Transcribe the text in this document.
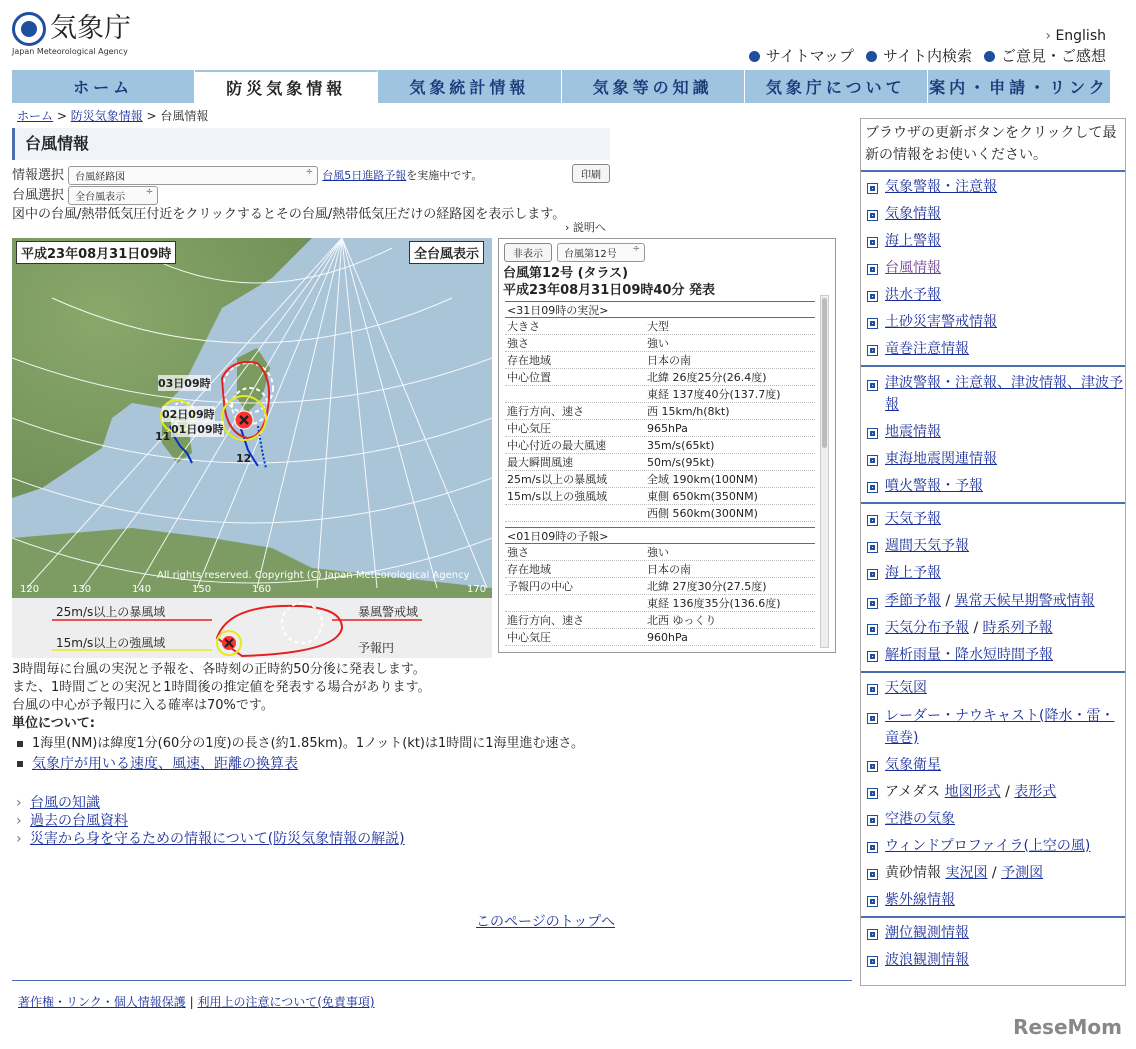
気象庁
Japan Meteorological Agency
› English
サイトマップ	サイト内検索	ご意見・ご感想
ホーム	防災気象情報	気象統計情報	気象等の知識	気象庁について	案内・申請・リンク
ホーム > 防災気象情報 > 台風情報
台風情報
情報選択 台風経路図 ÷	台風5日進路予報を実施中です。	印刷
台風選択 全台風表示 ÷
図中の台風/熱帯低気圧付近をクリックするとその台風/熱帯低気圧だけの経路図を表示します。
› 説明へ
120	130	140	150	160	170
03日09時
02日09時
01日09時
11
12
平成23年08月31日09時	全台風表示
All rights reserved. Copyright (C) Japan Meteorological Agency
25m/s以上の暴風域
15m/s以上の強風域
暴風警戒域
予報円
非表示	台風第12号 ÷
台風第12号 (タラス)
平成23年08月31日09時40分 発表
<31日09時の実況>
大きさ	大型
強さ	強い
存在地域	日本の南
中心位置	北緯 26度25分(26.4度)
東経 137度40分(137.7度)
進行方向、速さ	西 15km/h(8kt)
中心気圧	965hPa
中心付近の最大風速	35m/s(65kt)
最大瞬間風速	50m/s(95kt)
25m/s以上の暴風域	全域 190km(100NM)
15m/s以上の強風域	東側 650km(350NM)
西側 560km(300NM)
<01日09時の予報>
強さ	強い
存在地域	日本の南
予報円の中心	北緯 27度30分(27.5度)
東経 136度35分(136.6度)
進行方向、速さ	北西 ゆっくり
中心気圧	960hPa
3時間毎に台風の実況と予報を、各時刻の正時約50分後に発表します。
また、1時間ごとの実況と1時間後の推定値を発表する場合があります。
台風の中心が予報円に入る確率は70%です。
単位について:
1海里(NM)は緯度1分(60分の1度)の長さ(約1.85km)。1ノット(kt)は1時間に1海里進む速さ。
気象庁が用いる速度、風速、距離の換算表
› 台風の知識
› 過去の台風資料
› 災害から身を守るための情報について(防災気象情報の解説)
このページのトップへ
ブラウザの更新ボタンをクリックして最新の情報をお使いください。
気象警報・注意報
気象情報
海上警報
台風情報
洪水予報
土砂災害警戒情報
竜巻注意情報
津波警報・注意報、津波情報、津波予報
地震情報
東海地震関連情報
噴火警報・予報
天気予報
週間天気予報
海上予報
季節予報 / 異常天候早期警戒情報
天気分布予報 / 時系列予報
解析雨量・降水短時間予報
天気図
レーダー・ナウキャスト(降水・雷・竜巻)
気象衛星
アメダス 地図形式 / 表形式
空港の気象
ウィンドプロファイラ(上空の風)
黄砂情報 実況図 / 予測図
紫外線情報
潮位観測情報
波浪観測情報
著作権・リンク・個人情報保護 | 利用上の注意について(免責事項)
ReseMom
